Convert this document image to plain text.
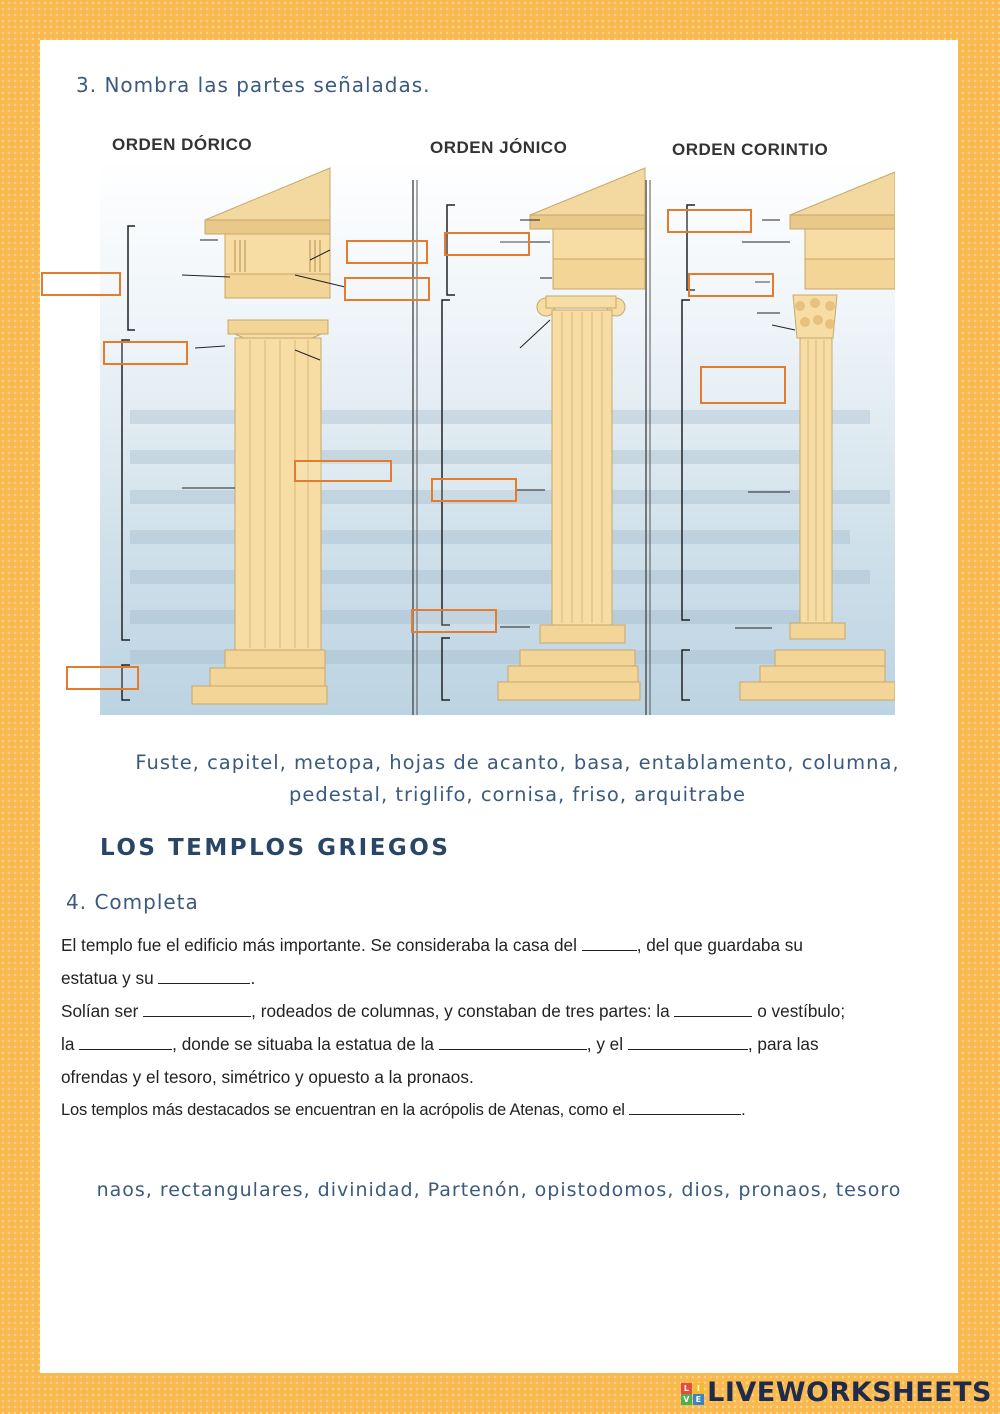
3. Nombra las partes señaladas.
ORDEN DÓRICO	ORDEN JÓNICO	ORDEN CORINTIO
Fuste, capitel, metopa, hojas de acanto, basa, entablamento, columna,
pedestal, triglifo, cornisa, friso, arquitrabe
LOS TEMPLOS GRIEGOS
4. Completa
El templo fue el edificio más importante. Se consideraba la casa del	, del que guardaba su
estatua y su	.
Solían ser	, rodeados de columnas, y constaban de tres partes: la	o vestíbulo;
la	, donde se situaba la estatua de la	, y el	, para las
ofrendas y el tesoro, simétrico y opuesto a la pronaos.
Los templos más destacados se encuentran en la acrópolis de Atenas, como el	.
naos, rectangulares, divinidad, Partenón, opistodomos, dios, pronaos, tesoro
L I
V E LIVEWORKSHEETS
